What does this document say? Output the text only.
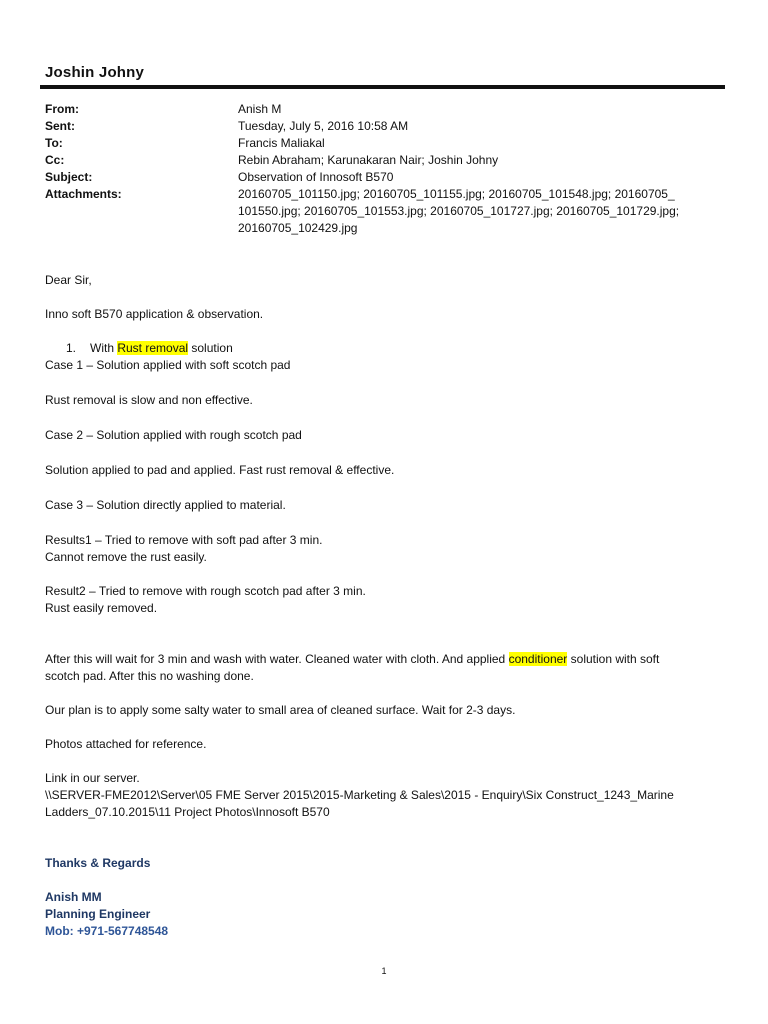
Joshin Johny
From:	Anish M
Sent:	Tuesday, July 5, 2016 10:58 AM
To:	Francis Maliakal
Cc:	Rebin Abraham; Karunakaran Nair; Joshin Johny
Subject:	Observation of Innosoft B570
Attachments:	20160705_101150.jpg; 20160705_101155.jpg; 20160705_101548.jpg; 20160705_
101550.jpg; 20160705_101553.jpg; 20160705_101727.jpg; 20160705_101729.jpg;
20160705_102429.jpg

Dear Sir,

Inno soft B570 application & observation.

1. With Rust removal solution

Case 1 – Solution applied with soft scotch pad

Rust removal is slow and non effective.

Case 2 – Solution applied with rough scotch pad

Solution applied to pad and applied. Fast rust removal & effective.

Case 3 – Solution directly applied to material.

Results1 – Tried to remove with soft pad after 3 min.

Cannot remove the rust easily.

Result2 – Tried to remove with rough scotch pad after 3 min.

Rust easily removed.

After this will wait for 3 min and wash with water. Cleaned water with cloth. And applied conditioner solution with soft

scotch pad. After this no washing done.

Our plan is to apply some salty water to small area of cleaned surface. Wait for 2-3 days.

Photos attached for reference.

Link in our server.

\\SERVER-FME2012\Server\05 FME Server 2015\2015-Marketing & Sales\2015 - Enquiry\Six Construct_1243_Marine

Ladders_07.10.2015\11 Project Photos\Innosoft B570

Thanks & Regards

Anish MM

Planning Engineer

Mob: +971-567748548

1
